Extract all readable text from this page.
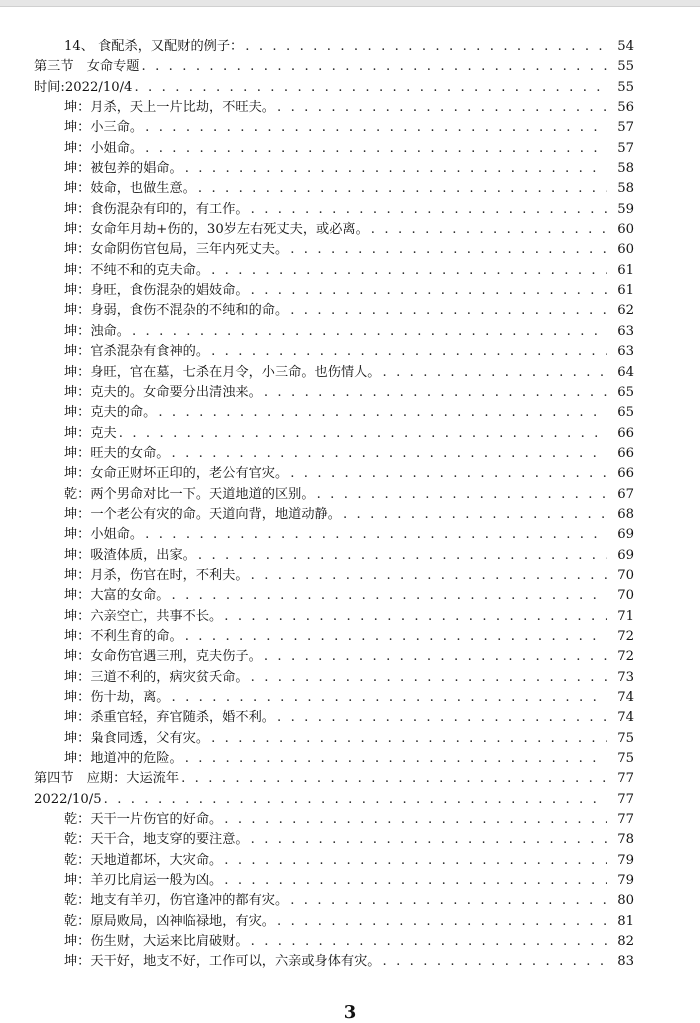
14、 食配杀，又配财的例子： . . .	54
第三节　女命专题 . . .	55
时间:2022/10/4 . . .	55
坤：月杀，天上一片比劫，不旺夫。 . . .	56
坤：小三命。 . . .	57
坤：小姐命。 . . .	57
坤：被包养的娼命。 . . .	58
坤：妓命，也做生意。 . . .	58
坤：食伤混杂有印的，有工作。 . . .	59
坤：女命年月劫+伤的，30岁左右死丈夫，或必离。 . . .	60
坤：女命阴伤官包局，三年内死丈夫。 . . .	60
坤：不纯不和的克夫命。 . . .	61
坤：身旺，食伤混杂的娼妓命。 . . .	61
坤：身弱，食伤不混杂的不纯和的命。 . . .	62
坤：浊命。 . . .	63
坤：官杀混杂有食神的。 . . .	63
坤：身旺，官在墓，七杀在月令，小三命。也伤情人。 . . .	64
坤：克夫的。女命要分出清浊来。 . . .	65
坤：克夫的命。 . . .	65
坤：克夫 . . .	66
坤：旺夫的女命。 . . .	66
坤：女命正财坏正印的，老公有官灾。 . . .	66
乾：两个男命对比一下。天道地道的区别。 . . .	67
坤：一个老公有灾的命。天道向背，地道动静。 . . .	68
坤：小姐命。 . . .	69
坤：吸渣体质，出家。 . . .	69
坤：月杀，伤官在时，不利夫。 . . .	70
坤：大富的女命。 . . .	70
坤：六亲空亡，共事不长。 . . .	71
坤：不利生育的命。 . . .	72
坤：女命伤官遇三刑，克夫伤子。 . . .	72
坤：三道不利的，病灾贫夭命。 . . .	73
坤：伤十劫，离。 . . .	74
坤：杀重官轻，弃官随杀，婚不利。 . . .	74
坤：枭食同透，父有灾。 . . .	75
坤：地道冲的危险。 . . .	75
第四节　应期：大运流年 . . .	77
2022/10/5 . . .	77
乾：天干一片伤官的好命。 . . .	77
乾：天干合，地支穿的要注意。 . . .	78
乾：天地道都坏，大灾命。 . . .	79
坤：羊刃比肩运一般为凶。 . . .	79
乾：地支有羊刃，伤官逢冲的都有灾。 . . .	80
乾：原局败局，凶神临禄地，有灾。 . . .	81
坤：伤生财，大运来比肩破财。 . . .	82
坤：天干好，地支不好，工作可以，六亲或身体有灾。 . . .	83
3
